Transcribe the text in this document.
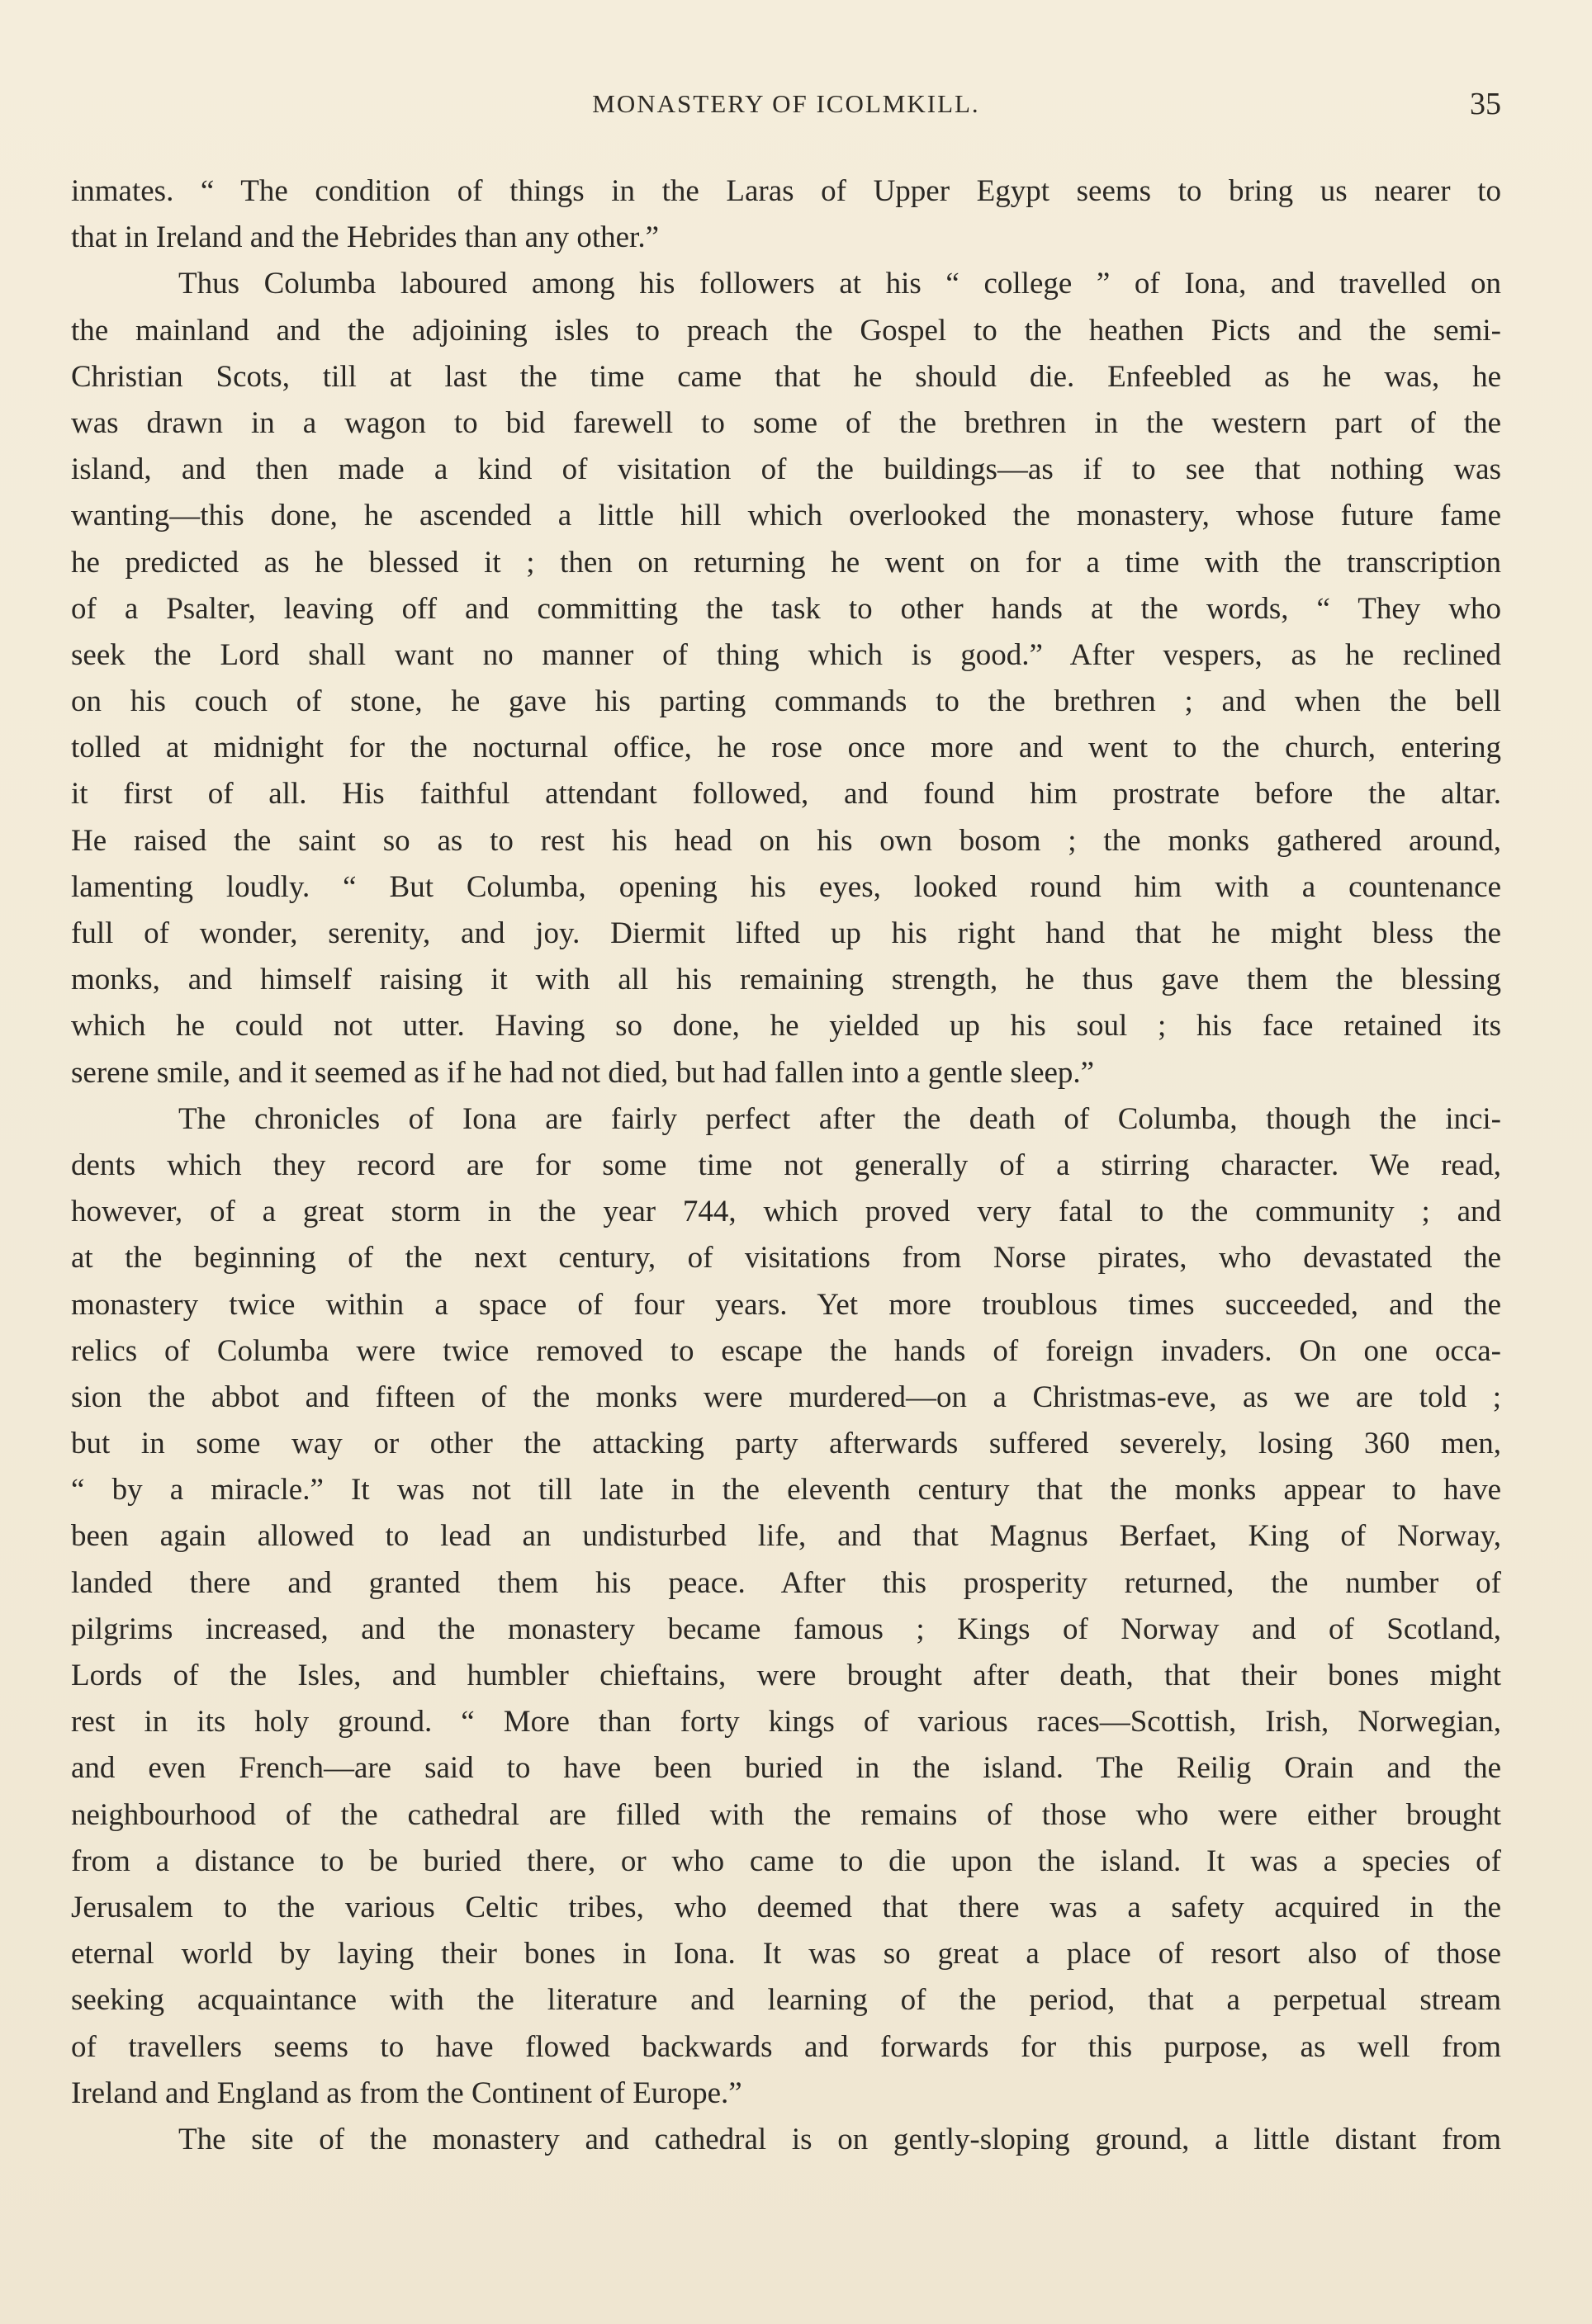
MONASTERY OF ICOLMKILL.	35
inmates. “ The condition of things in the Laras of Upper Egypt seems to bring us nearer to
that in Ireland and the Hebrides than any other.”
Thus Columba laboured among his followers at his “ college ” of Iona, and travelled on
the mainland and the adjoining isles to preach the Gospel to the heathen Picts and the semi-
Christian Scots, till at last the time came that he should die. Enfeebled as he was, he
was drawn in a wagon to bid farewell to some of the brethren in the western part of the
island, and then made a kind of visitation of the buildings—as if to see that nothing was
wanting—this done, he ascended a little hill which overlooked the monastery, whose future fame
he predicted as he blessed it ; then on returning he went on for a time with the transcription
of a Psalter, leaving off and committing the task to other hands at the words, “ They who
seek the Lord shall want no manner of thing which is good.” After vespers, as he reclined
on his couch of stone, he gave his parting commands to the brethren ; and when the bell
tolled at midnight for the nocturnal office, he rose once more and went to the church, entering
it first of all. His faithful attendant followed, and found him prostrate before the altar.
He raised the saint so as to rest his head on his own bosom ; the monks gathered around,
lamenting loudly. “ But Columba, opening his eyes, looked round him with a countenance
full of wonder, serenity, and joy. Diermit lifted up his right hand that he might bless the
monks, and himself raising it with all his remaining strength, he thus gave them the blessing
which he could not utter. Having so done, he yielded up his soul ; his face retained its
serene smile, and it seemed as if he had not died, but had fallen into a gentle sleep.”
The chronicles of Iona are fairly perfect after the death of Columba, though the inci-
dents which they record are for some time not generally of a stirring character. We read,
however, of a great storm in the year 744, which proved very fatal to the community ; and
at the beginning of the next century, of visitations from Norse pirates, who devastated the
monastery twice within a space of four years. Yet more troublous times succeeded, and the
relics of Columba were twice removed to escape the hands of foreign invaders. On one occa-
sion the abbot and fifteen of the monks were murdered—on a Christmas-eve, as we are told ;
but in some way or other the attacking party afterwards suffered severely, losing 360 men,
“ by a miracle.” It was not till late in the eleventh century that the monks appear to have
been again allowed to lead an undisturbed life, and that Magnus Berfaet, King of Norway,
landed there and granted them his peace. After this prosperity returned, the number of
pilgrims increased, and the monastery became famous ; Kings of Norway and of Scotland,
Lords of the Isles, and humbler chieftains, were brought after death, that their bones might
rest in its holy ground. “ More than forty kings of various races—Scottish, Irish, Norwegian,
and even French—are said to have been buried in the island. The Reilig Orain and the
neighbourhood of the cathedral are filled with the remains of those who were either brought
from a distance to be buried there, or who came to die upon the island. It was a species of
Jerusalem to the various Celtic tribes, who deemed that there was a safety acquired in the
eternal world by laying their bones in Iona. It was so great a place of resort also of those
seeking acquaintance with the literature and learning of the period, that a perpetual stream
of travellers seems to have flowed backwards and forwards for this purpose, as well from
Ireland and England as from the Continent of Europe.”
The site of the monastery and cathedral is on gently-sloping ground, a little distant from
